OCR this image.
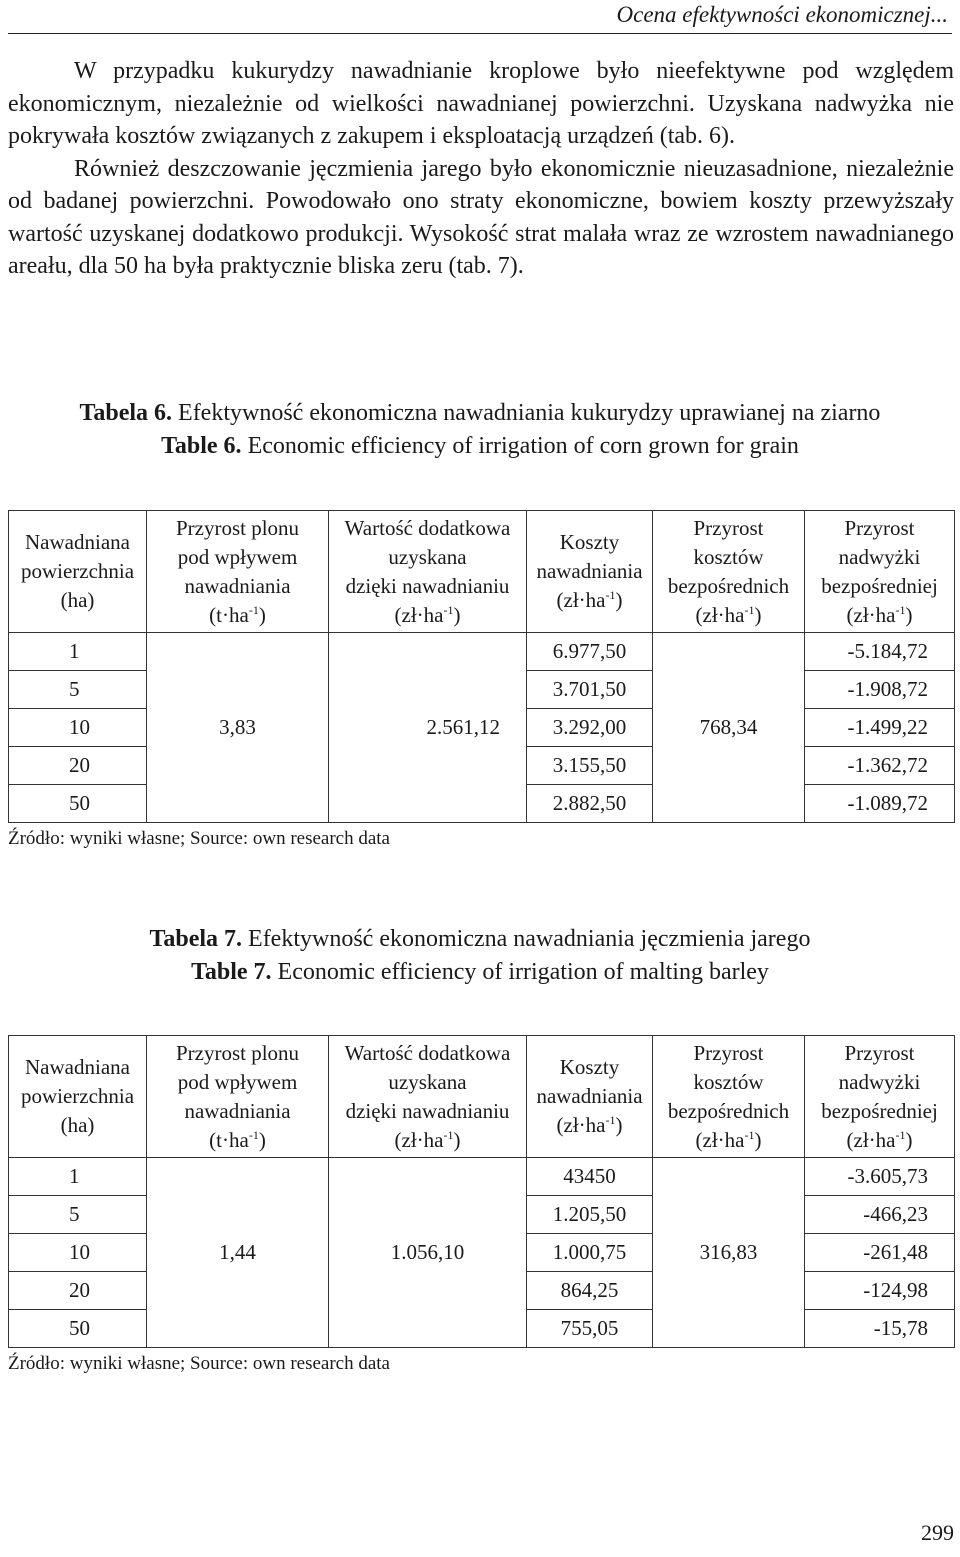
Ocena efektywności ekonomicznej...

W przypadku kukurydzy nawadnianie kroplowe było nieefektywne pod względem ekonomicznym, niezależnie od wielkości nawadnianej powierzchni. Uzyskana nadwyżka nie pokrywała kosztów związanych z zakupem i eksploatacją urządzeń (tab. 6).

Również deszczowanie jęczmienia jarego było ekonomicznie nieuzasadnione, niezależnie od badanej powierzchni. Powodowało ono straty ekonomiczne, bowiem koszty przewyższały wartość uzyskanej dodatkowo produkcji. Wysokość strat malała wraz ze wzrostem nawadnianego areału, dla 50 ha była praktycznie bliska zeru (tab. 7).

Tabela 6. Efektywność ekonomiczna nawadniania kukurydzy uprawianej na ziarno
Table 6. Economic efficiency of irrigation of corn grown for grain
Nawadniana
powierzchnia
(ha)	Przyrost plonu
pod wpływem
nawadniania
$(t\cdot ha^{-1})$	Wartość dodatkowa
uzyskana
dzięki nawadnianiu
$(zł\cdot ha^{-1})$	Koszty
nawadniania
$(zł\cdot ha^{-1})$	Przyrost
kosztów
bezpośrednich
$(zł\cdot ha^{-1})$	Przyrost
nadwyżki
bezpośredniej
$(zł\cdot ha^{-1})$
1	3,83	2.561,12	6.977,50	768,34	-5.184,72
5			3.701,50		-1.908,72
10			3.292,00		-1.499,22
20			3.155,50		-1.362,72
50			2.882,50		-1.089,72
Źródło: wyniki własne; Source: own research data
Tabela 7. Efektywność ekonomiczna nawadniania jęczmienia jarego
Table 7. Economic efficiency of irrigation of malting barley
Nawadniana
powierzchnia
(ha)	Przyrost plonu
pod wpływem
nawadniania
$(t\cdot ha^{-1})$	Wartość dodatkowa
uzyskana
dzięki nawadnianiu
$(zł\cdot ha^{-1})$	Koszty
nawadniania
$(zł\cdot ha^{-1})$	Przyrost
kosztów
bezpośrednich
$(zł\cdot ha^{-1})$	Przyrost
nadwyżki
bezpośredniej
$(zł\cdot ha^{-1})$
1	1,44	1.056,10	43450	316,83	-3.605,73
5			1.205,50		-466,23
10			1.000,75		-261,48
20			864,25		-124,98
50			755,05		-15,78
Źródło: wyniki własne; Source: own research data
299
